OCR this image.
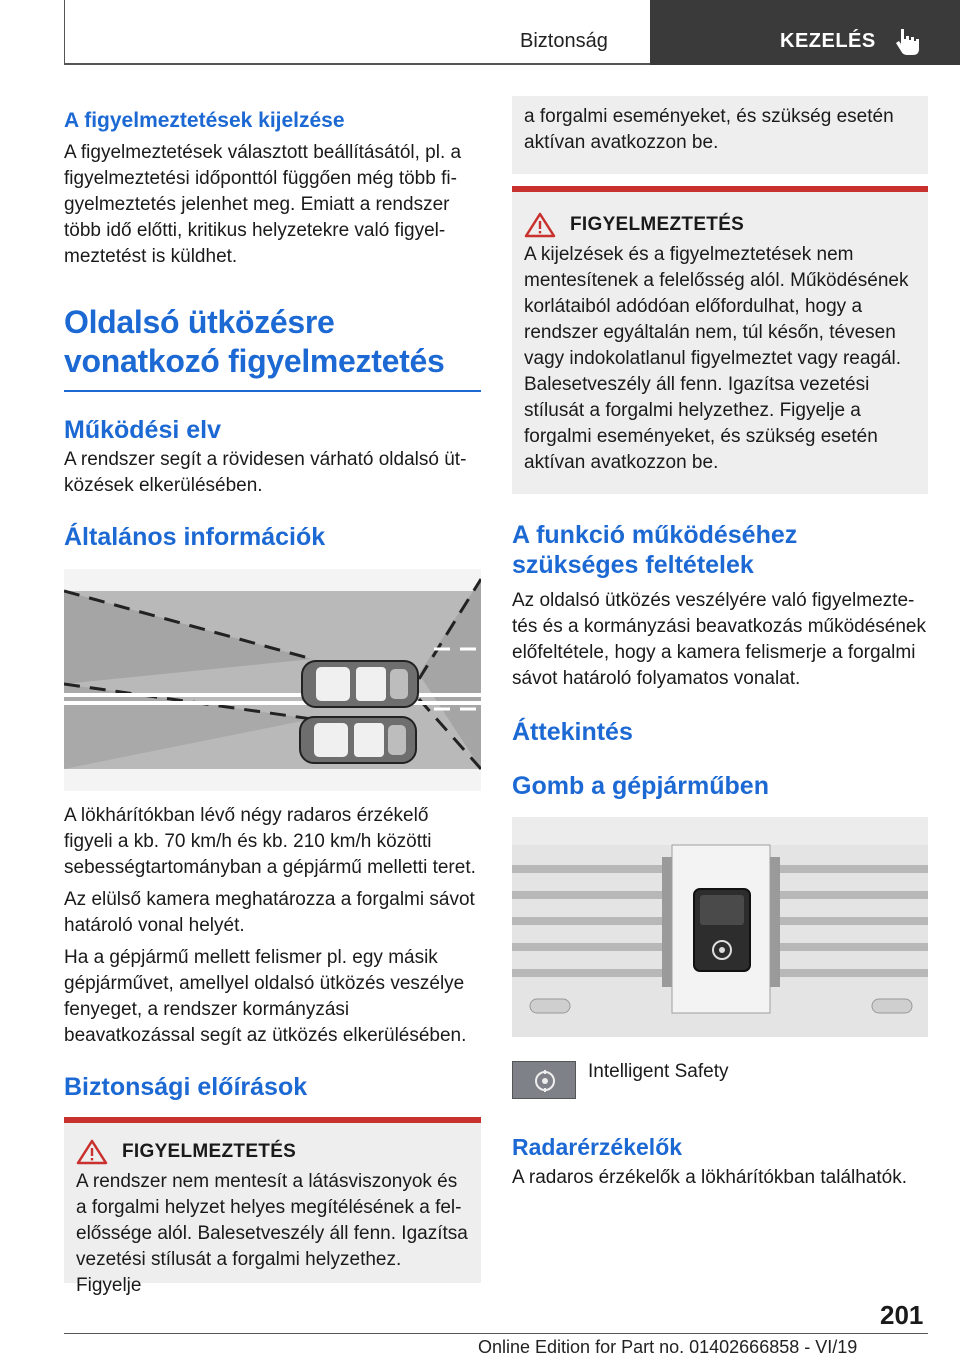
Biztonság	KEZELÉS
A figyelmeztetések kijelzése

A figyelmeztetések választott beállításától, pl. a figyelmeztetési időponttól függően még több figyelmeztetés jelenhet meg. Emiatt a rendszer több idő előtti, kritikus helyzetekre való figyelmeztetést is küldhet.

Oldalsó ütközésre vonatkozó figyelmeztetés
Működési elv

A rendszer segít a rövidesen várható oldalsó ütközések elkerülésében.

Általános információk

A lökhárítókban lévő négy radaros érzékelő figyeli a kb. 70 km/h és kb. 210 km/h közötti sebességtartományban a gépjármű melletti teret.

Az elülső kamera meghatározza a forgalmi sávot határoló vonal helyét.

Ha a gépjármű mellett felismer pl. egy másik gépjárművet, amellyel oldalsó ütközés veszélye fenyeget, a rendszer kormányzási beavatkozással segít az ütközés elkerülésében.

Biztonsági előírások
FIGYELMEZTETÉS
A rendszer nem mentesít a látásviszonyok és a forgalmi helyzet helyes megítélésének a felelőssége alól. Balesetveszély áll fenn. Igazítsa vezetési stílusát a forgalmi helyzethez. Figyelje
a forgalmi eseményeket, és szükség esetén aktívan avatkozzon be.
FIGYELMEZTETÉS
A kijelzések és a figyelmeztetések nem mentesítenek a felelősség alól. Működésének korlátaiból adódóan előfordulhat, hogy a rendszer egyáltalán nem, túl későn, tévesen vagy indokolatlanul figyelmeztet vagy reagál. Balesetveszély áll fenn. Igazítsa vezetési stílusát a forgalmi helyzethez. Figyelje a forgalmi eseményeket, és szükség esetén aktívan avatkozzon be.
A funkció működéséhez szükséges feltételek

Az oldalsó ütközés veszélyére való figyelmeztetés és a kormányzási beavatkozás működésének előfeltétele, hogy a kamera felismerje a forgalmi sávot határoló folyamatos vonalat.

Áttekintés
Gomb a gépjárműben

Intelligent Safety

Radarérzékelők

A radaros érzékelők a lökhárítókban találhatók.

201
Online Edition for Part no. 01402666858 - VI/19
